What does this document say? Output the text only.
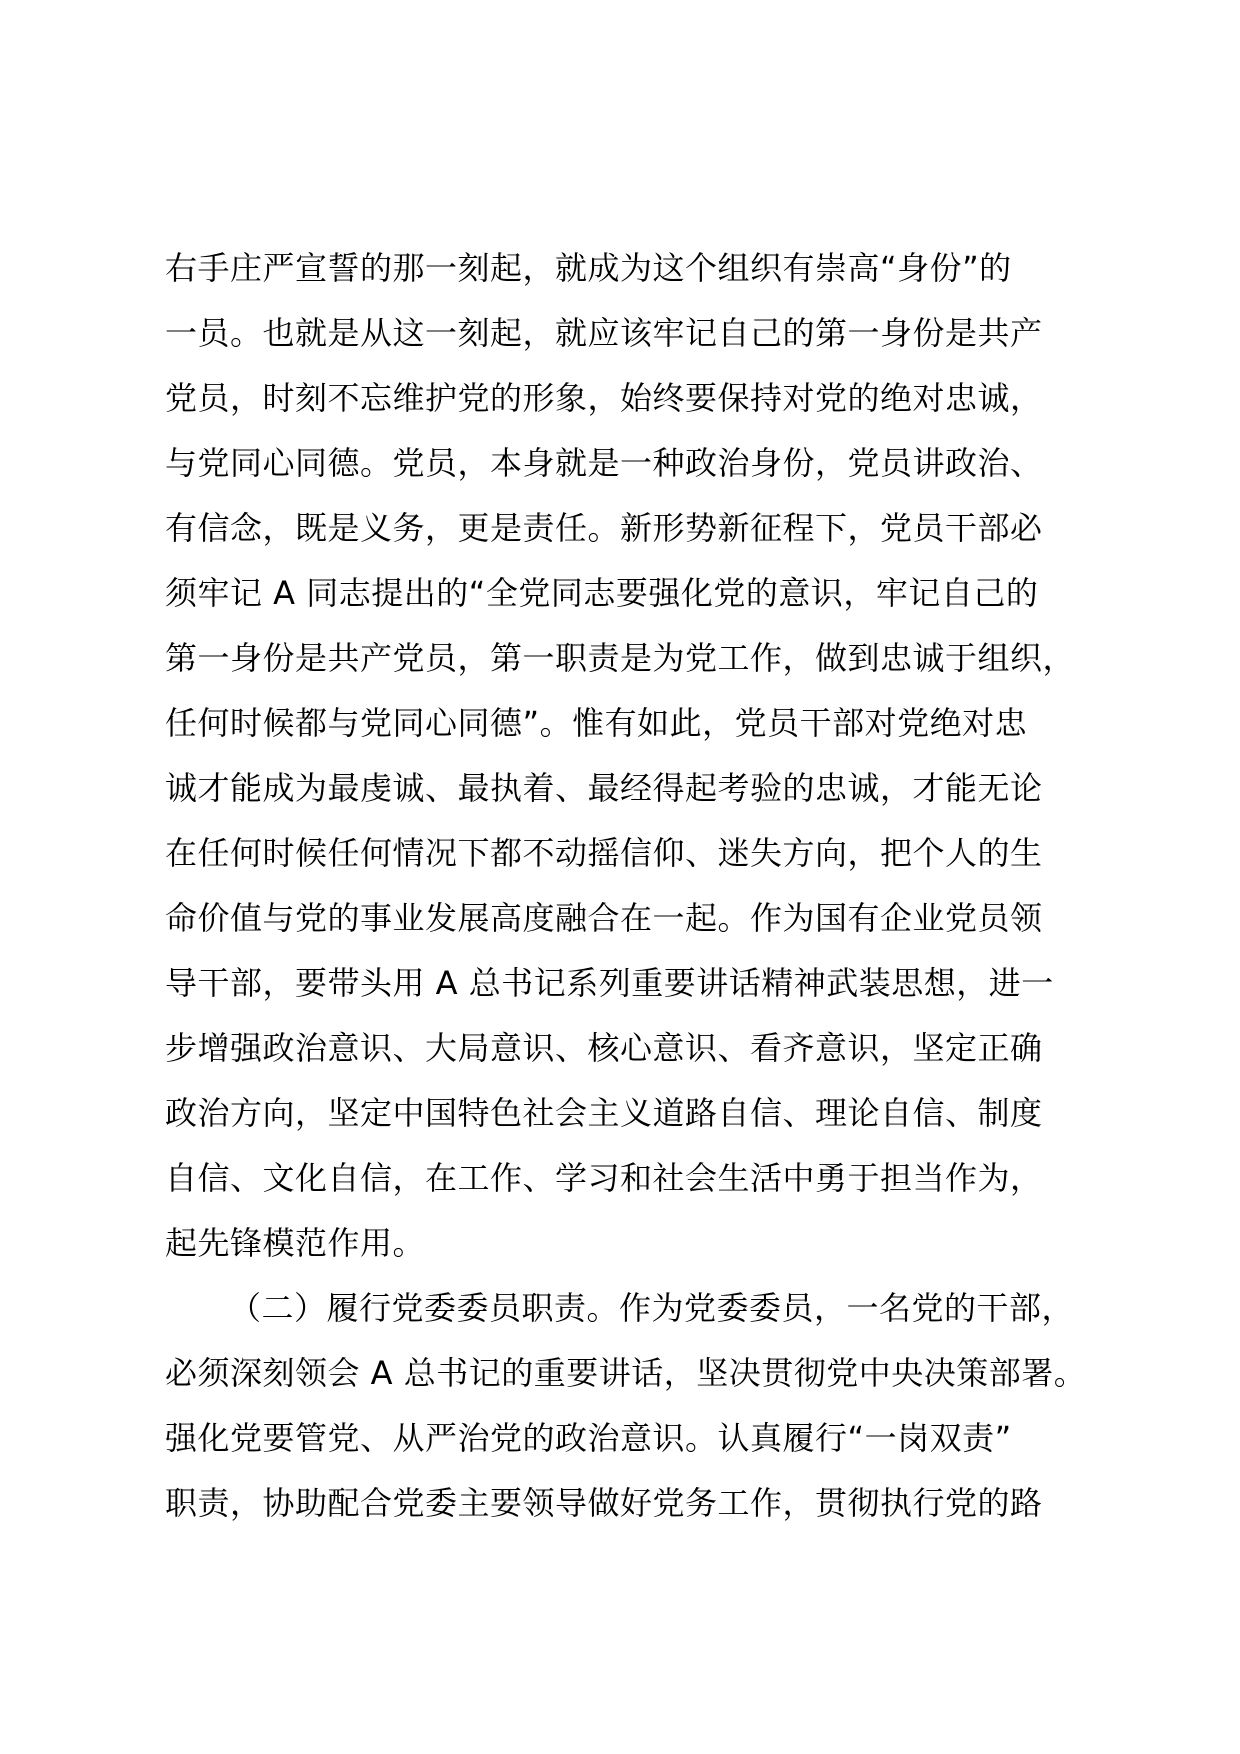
右手庄严宣誓的那一刻起，就成为这个组织有崇高“身份”的
一员。也就是从这一刻起，就应该牢记自己的第一身份是共产
党员，时刻不忘维护党的形象，始终要保持对党的绝对忠诚，
与党同心同德。党员，本身就是一种政治身份，党员讲政治、
有信念，既是义务，更是责任。新形势新征程下，党员干部必
须牢记 A 同志提出的“全党同志要强化党的意识，牢记自己的
第一身份是共产党员，第一职责是为党工作，做到忠诚于组织，
任何时候都与党同心同德”。惟有如此，党员干部对党绝对忠
诚才能成为最虔诚、最执着、最经得起考验的忠诚，才能无论
在任何时候任何情况下都不动摇信仰、迷失方向，把个人的生
命价值与党的事业发展高度融合在一起。作为国有企业党员领
导干部，要带头用 A 总书记系列重要讲话精神武装思想，进一
步增强政治意识、大局意识、核心意识、看齐意识，坚定正确
政治方向，坚定中国特色社会主义道路自信、理论自信、制度
自信、文化自信，在工作、学习和社会生活中勇于担当作为，
起先锋模范作用。
（二）履行党委委员职责。作为党委委员，一名党的干部，
必须深刻领会 A 总书记的重要讲话，坚决贯彻党中央决策部署。
强化党要管党、从严治党的政治意识。认真履行“一岗双责”
职责，协助配合党委主要领导做好党务工作，贯彻执行党的路
